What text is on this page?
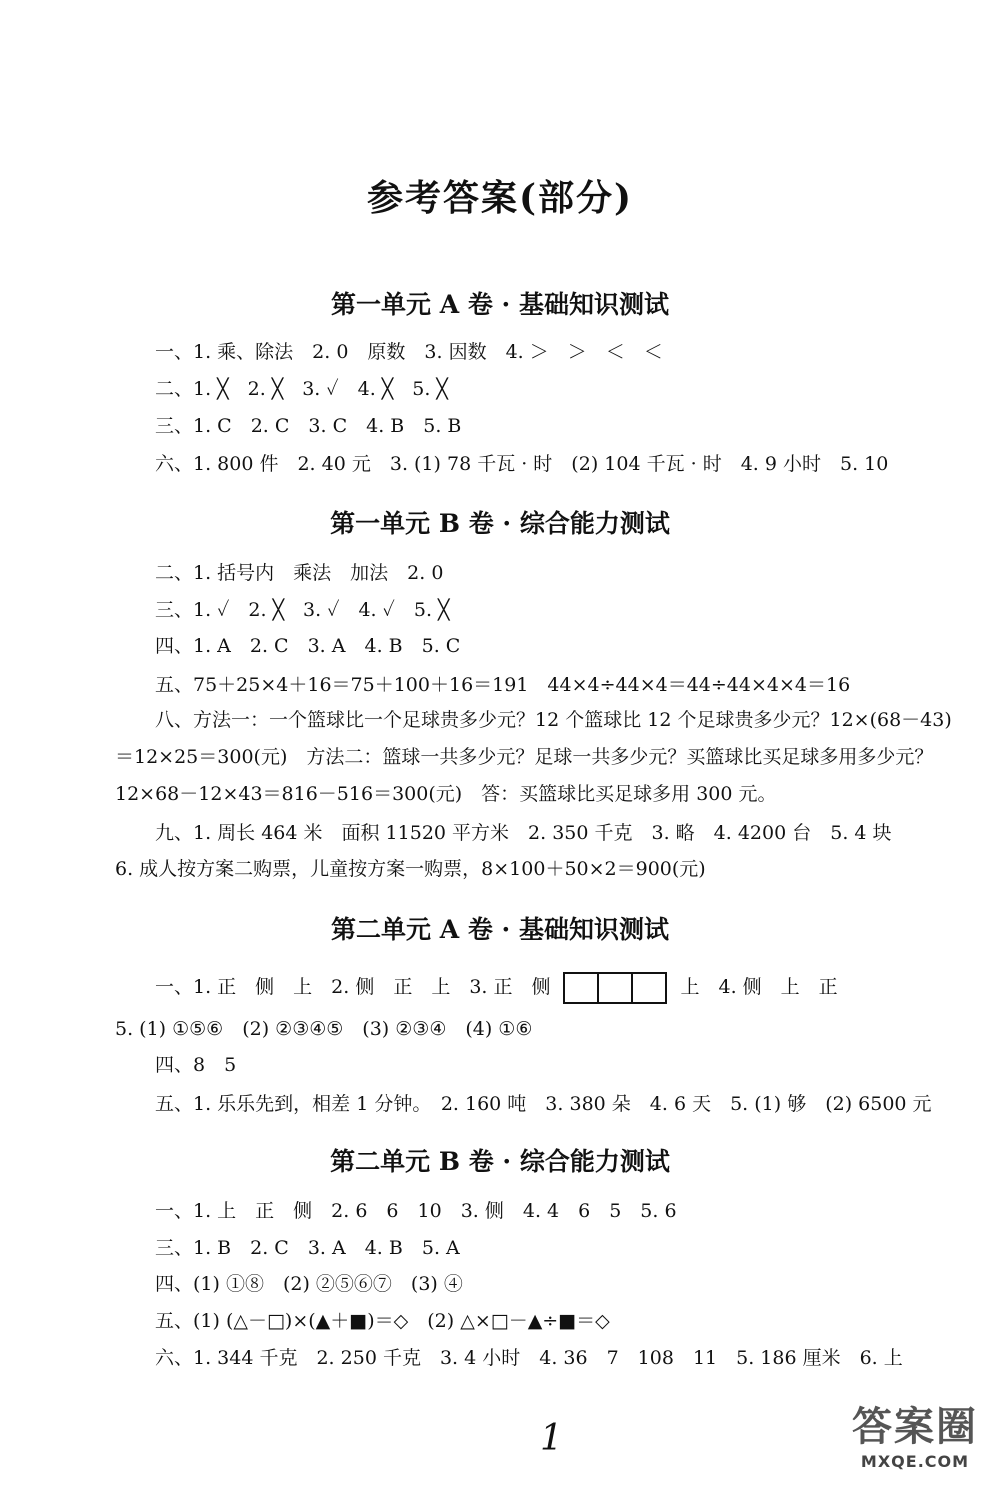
参考答案(部分)
第一单元 A 卷 · 基础知识测试
一、1. 乘、除法　2. 0　原数　3. 因数　4. ＞　＞　＜　＜
二、1. ╳　2. ╳　3. ✓　4. ╳　5. ╳
三、1. C　2. C　3. C　4. B　5. B
六、1. 800 件　2. 40 元　3. (1) 78 千瓦 · 时　(2) 104 千瓦 · 时　4. 9 小时　5. 10
第一单元 B 卷 · 综合能力测试
二、1. 括号内　乘法　加法　2. 0
三、1. ✓　2. ╳　3. ✓　4. ✓　5. ╳
四、1. A　2. C　3. A　4. B　5. C
五、75＋25×4＋16＝75＋100＋16＝191　44×4÷44×4＝44÷44×4×4＝16
八、方法一：一个篮球比一个足球贵多少元？12 个篮球比 12 个足球贵多少元？12×(68－43)＝12×25＝300(元)　方法二：篮球一共多少元？足球一共多少元？买篮球比买足球多用多少元？12×68－12×43＝816－516＝300(元)　答：买篮球比买足球多用 300 元。
九、1. 周长 464 米　面积 11520 平方米　2. 350 千克　3. 略　4. 4200 台　5. 4 块
6. 成人按方案二购票，儿童按方案一购票，8×100＋50×2＝900(元)
第二单元 A 卷 · 基础知识测试
一、1. 正　侧　上　2. 侧　正　上　3. 正　侧	上　4. 侧　上　正
5. (1) ①⑤⑥　(2) ②③④⑤　(3) ②③④　(4) ①⑥
四、8　5
五、1. 乐乐先到，相差 1 分钟。　2. 160 吨　3. 380 朵　4. 6 天　5. (1) 够　(2) 6500 元
第二单元 B 卷 · 综合能力测试
一、1. 上　正　侧　2. 6　6　10　3. 侧　4. 4　6　5　5. 6
三、1. B　2. C　3. A　4. B　5. A
四、(1) ①⑧　(2) ②⑤⑥⑦　(3) ④
五、(1) (△－□)×(▲＋■)＝◇　(2) △×□－▲÷■＝◇
六、1. 344 千克　2. 250 千克　3. 4 小时　4. 36　7　108　11　5. 186 厘米　6. 上
1	答案圈
MXQE.COM
